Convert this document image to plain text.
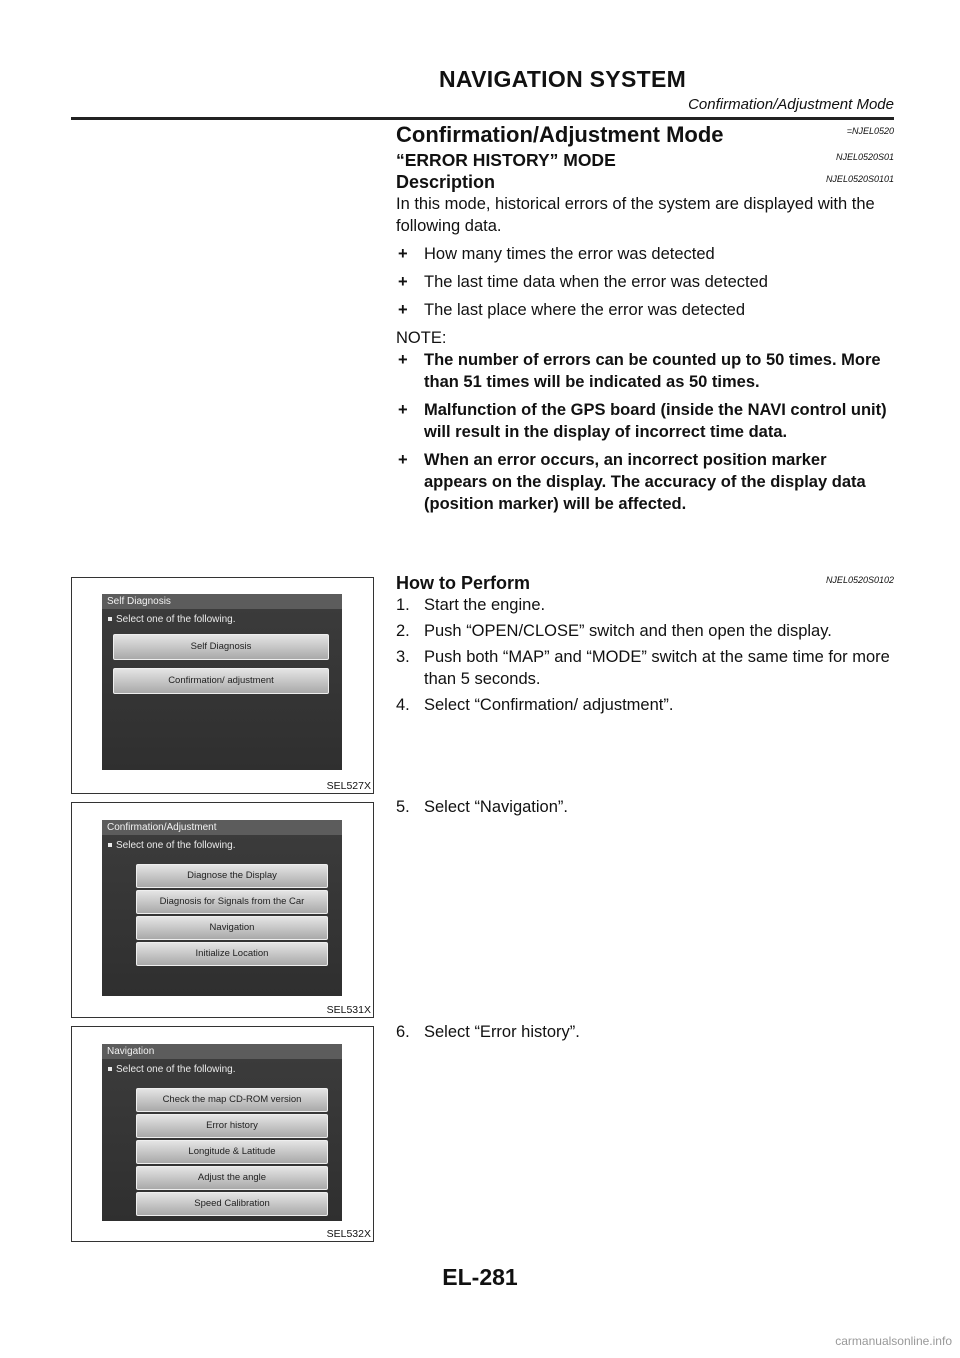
NAVIGATION SYSTEM
Confirmation/Adjustment Mode
Confirmation/Adjustment Mode	=NJEL0520
“ERROR HISTORY” MODE	NJEL0520S01
Description	NJEL0520S0101

In this mode, historical errors of the system are displayed with the following data.

+ How many times the error was detected
+ The last time data when the error was detected
+ The last place where the error was detected

NOTE:

+ The number of errors can be counted up to 50 times. More than 51 times will be indicated as 50 times.
+ Malfunction of the GPS board (inside the NAVI control unit) will result in the display of incorrect time data.
+ When an error occurs, an incorrect position marker appears on the display. The accuracy of the display data (position marker) will be affected.
How to Perform	NJEL0520S0102
1. Start the engine.
2. Push “OPEN/CLOSE” switch and then open the display.
3. Push both “MAP” and “MODE” switch at the same time for more than 5 seconds.
4. Select “Confirmation/ adjustment”.
5. Select “Navigation”.
6. Select “Error history”.
Self Diagnosis
Select one of the following.
Self Diagnosis
Confirmation/ adjustment
SEL527X
Confirmation/Adjustment
Select one of the following.
Diagnose the Display
Diagnosis for Signals from the Car
Navigation
Initialize Location
SEL531X
Navigation
Select one of the following.
Check the map CD-ROM version
Error history
Longitude & Latitude
Adjust the angle
Speed Calibration
SEL532X
EL-281
carmanualsonline.info
